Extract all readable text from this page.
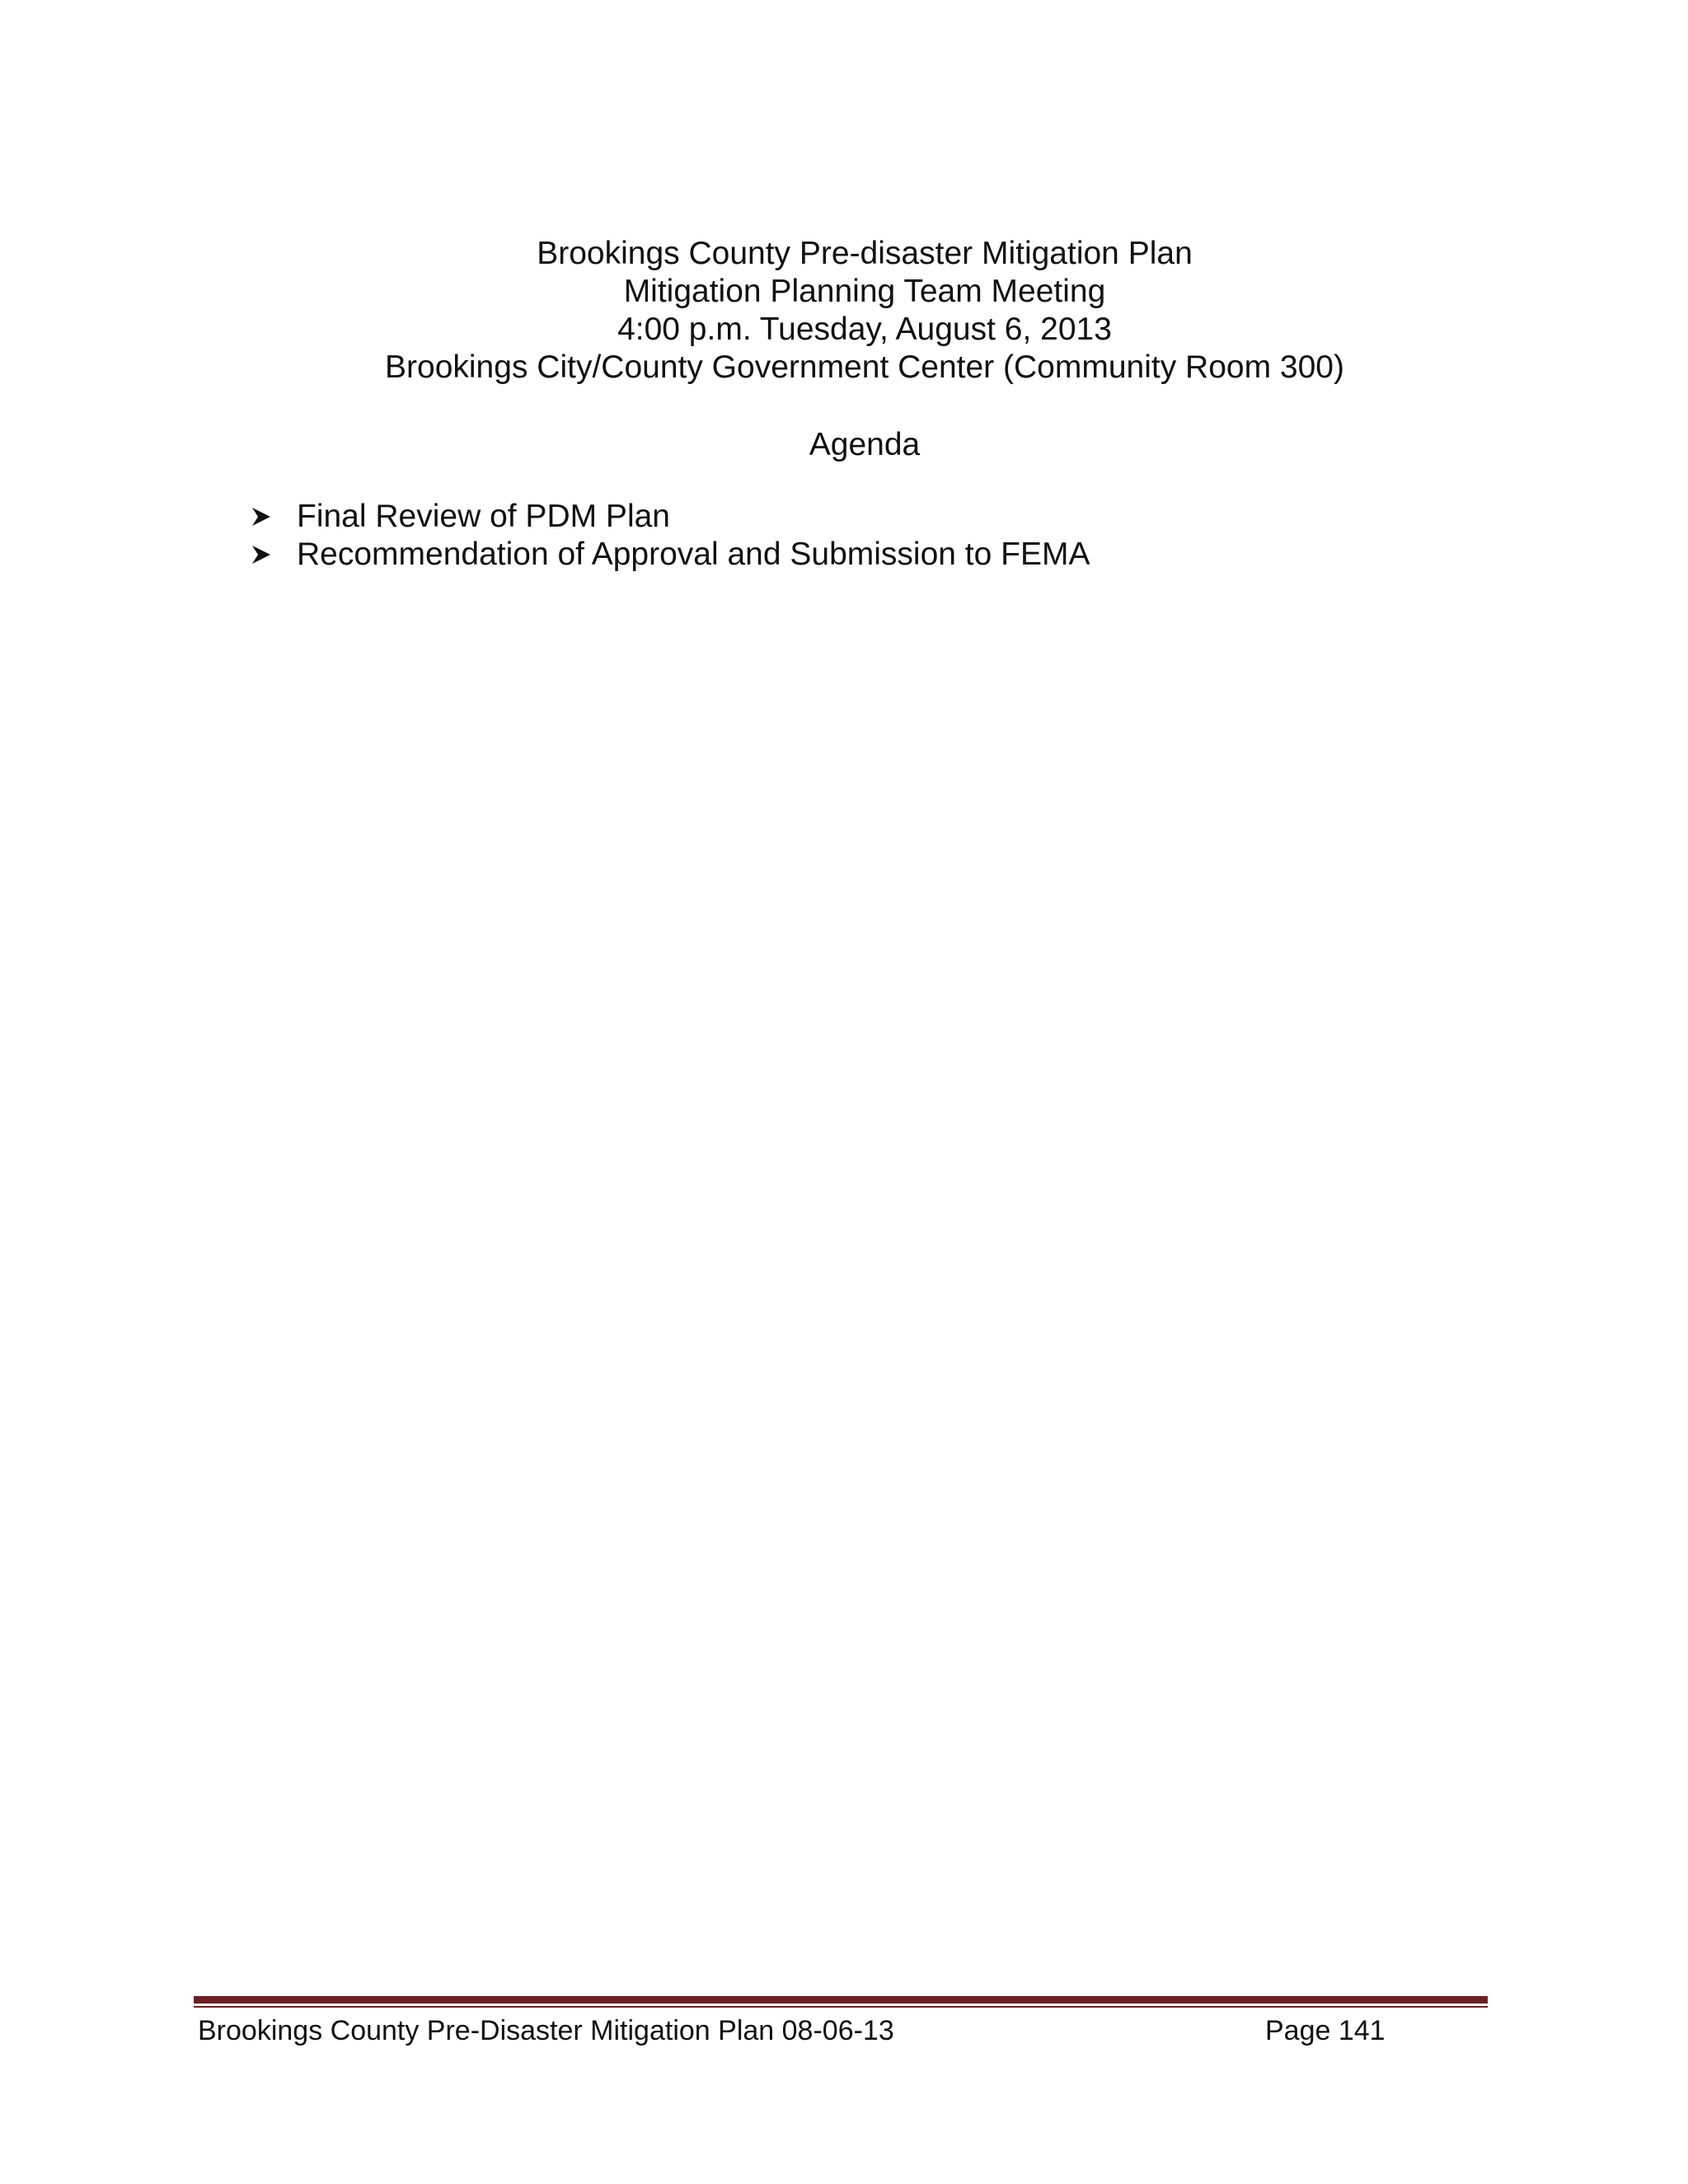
Brookings County Pre-disaster Mitigation Plan
Mitigation Planning Team Meeting
4:00 p.m. Tuesday, August 6, 2013
Brookings City/County Government Center (Community Room 300)
Agenda
Final Review of PDM Plan
Recommendation of Approval and Submission to FEMA
Brookings County Pre-Disaster Mitigation Plan 08-06-13	Page 141
